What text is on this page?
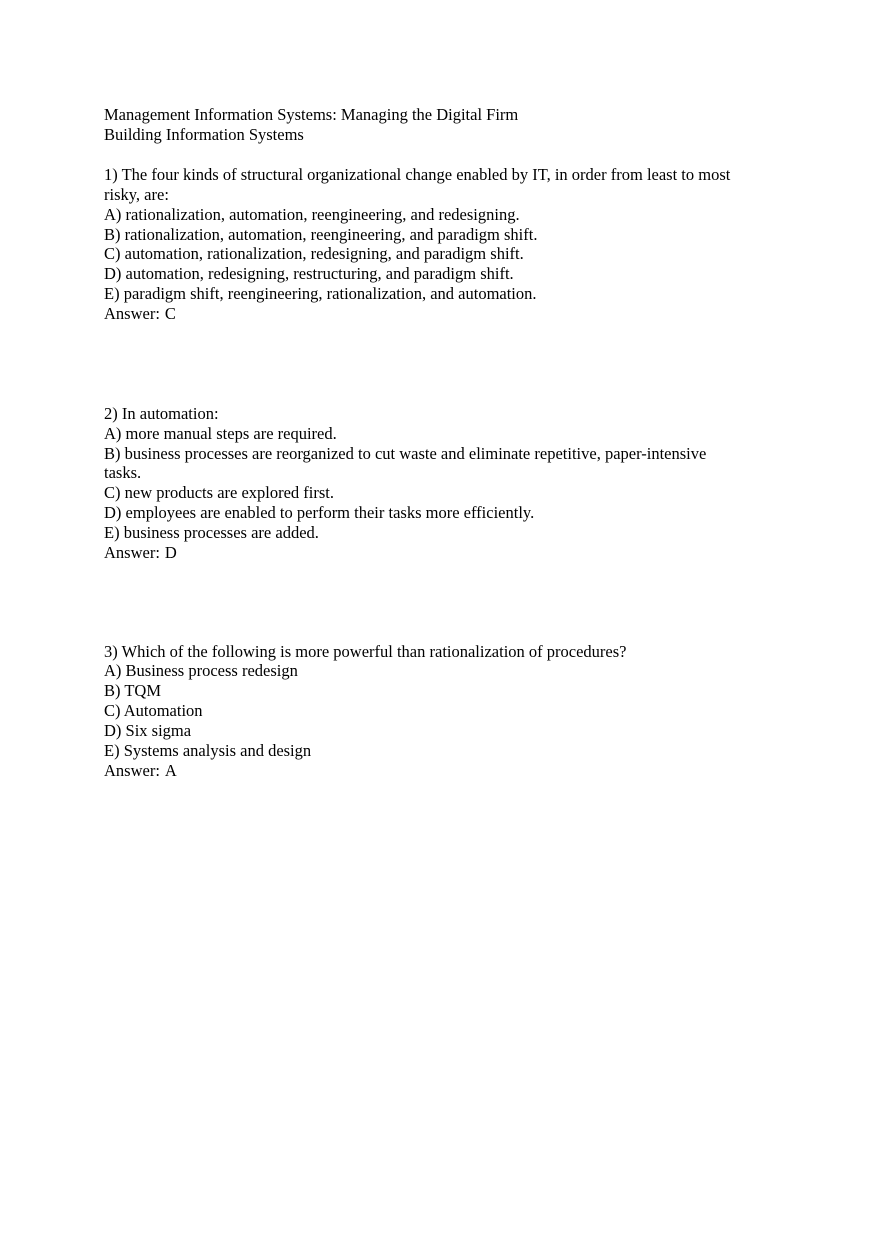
Management Information Systems: Managing the Digital Firm
Building Information Systems
1) The four kinds of structural organizational change enabled by IT, in order from least to most
risky, are:
A) rationalization, automation, reengineering, and redesigning.
B) rationalization, automation, reengineering, and paradigm shift.
C) automation, rationalization, redesigning, and paradigm shift.
D) automation, redesigning, restructuring, and paradigm shift.
E) paradigm shift, reengineering, rationalization, and automation.
Answer: C
2) In automation:
A) more manual steps are required.
B) business processes are reorganized to cut waste and eliminate repetitive, paper-intensive
tasks.
C) new products are explored first.
D) employees are enabled to perform their tasks more efficiently.
E) business processes are added.
Answer: D
3) Which of the following is more powerful than rationalization of procedures?
A) Business process redesign
B) TQM
C) Automation
D) Six sigma
E) Systems analysis and design
Answer: A
